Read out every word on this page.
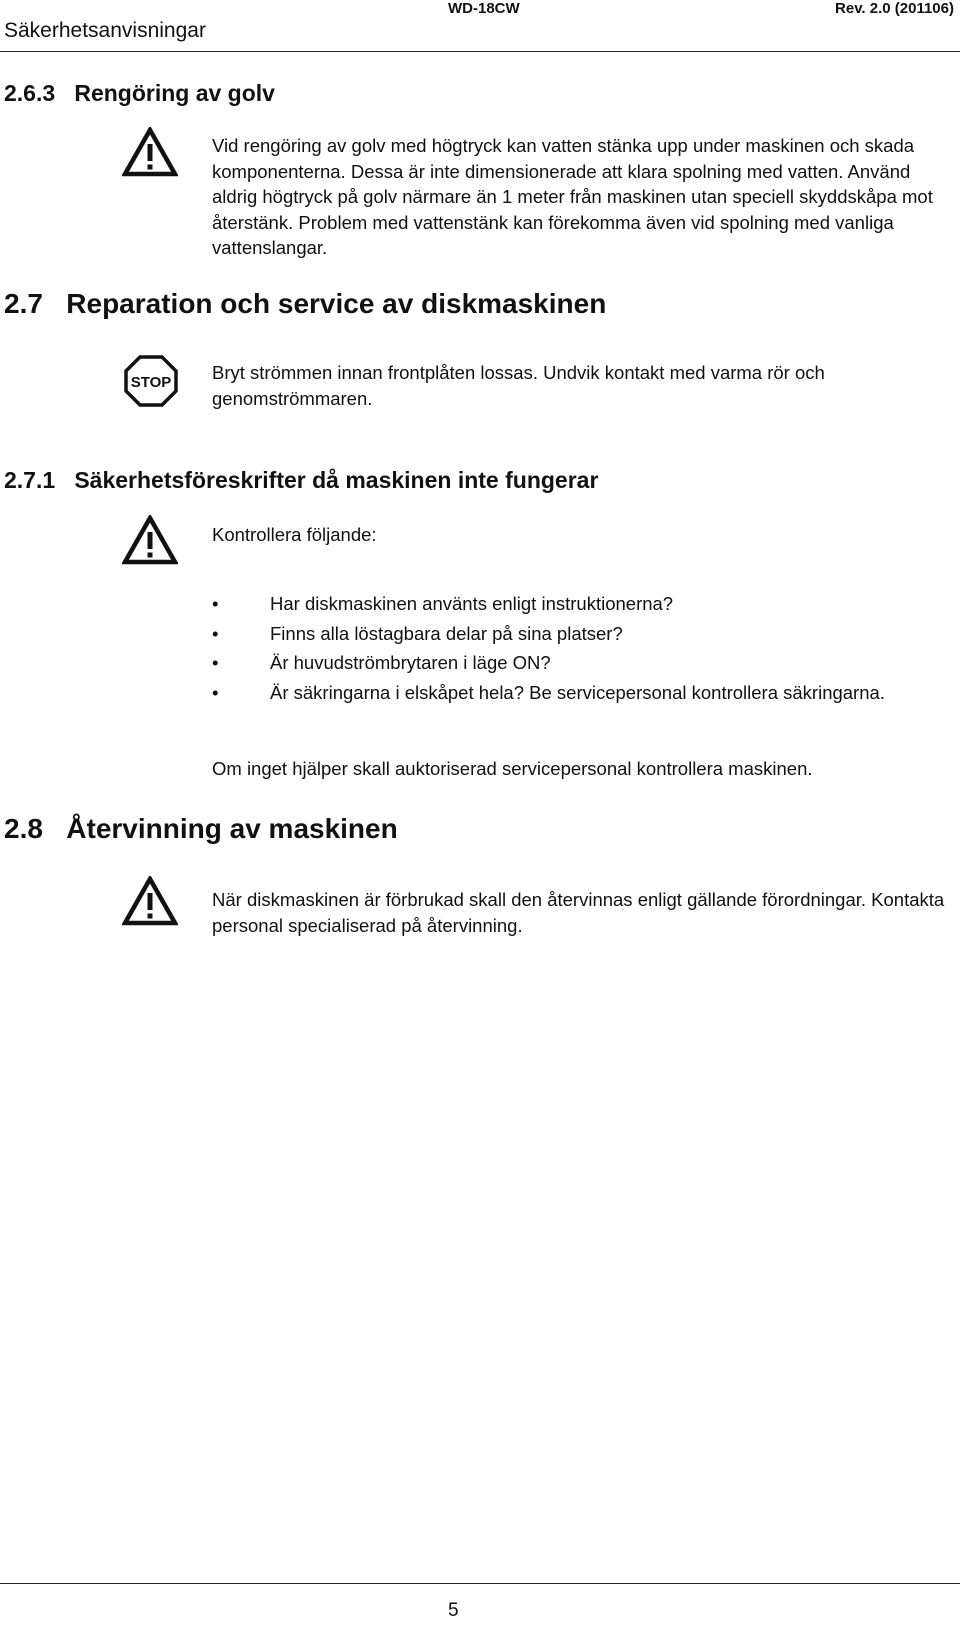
Säkerhetsanvisningar
WD-18CW	Rev. 2.0 (201106)
2.6.3 Rengöring av golv

Vid rengöring av golv med högtryck kan vatten stänka upp under maskinen och skada komponenterna. Dessa är inte dimensionerade att klara spolning med vatten. Använd aldrig högtryck på golv närmare än 1 meter från maskinen utan speciell skyddskåpa mot återstänk. Problem med vattenstänk kan förekomma även vid spolning med vanliga vattenslangar.

2.7 Reparation och service av diskmaskinen
STOP Bryt strömmen innan frontplåten lossas. Undvik kontakt med varma rör och genomströmmaren.

2.7.1 Säkerhetsföreskrifter då maskinen inte fungerar

Kontrollera följande:

•	Har diskmaskinen använts enligt instruktionerna?
•	Finns alla löstagbara delar på sina platser?
•	Är huvudströmbrytaren i läge ON?
•	Är säkringarna i elskåpet hela? Be servicepersonal kontrollera säkringarna.

Om inget hjälper skall auktoriserad servicepersonal kontrollera maskinen.

2.8 Återvinning av maskinen

När diskmaskinen är förbrukad skall den återvinnas enligt gällande förordningar. Kontakta personal specialiserad på återvinning.

5
